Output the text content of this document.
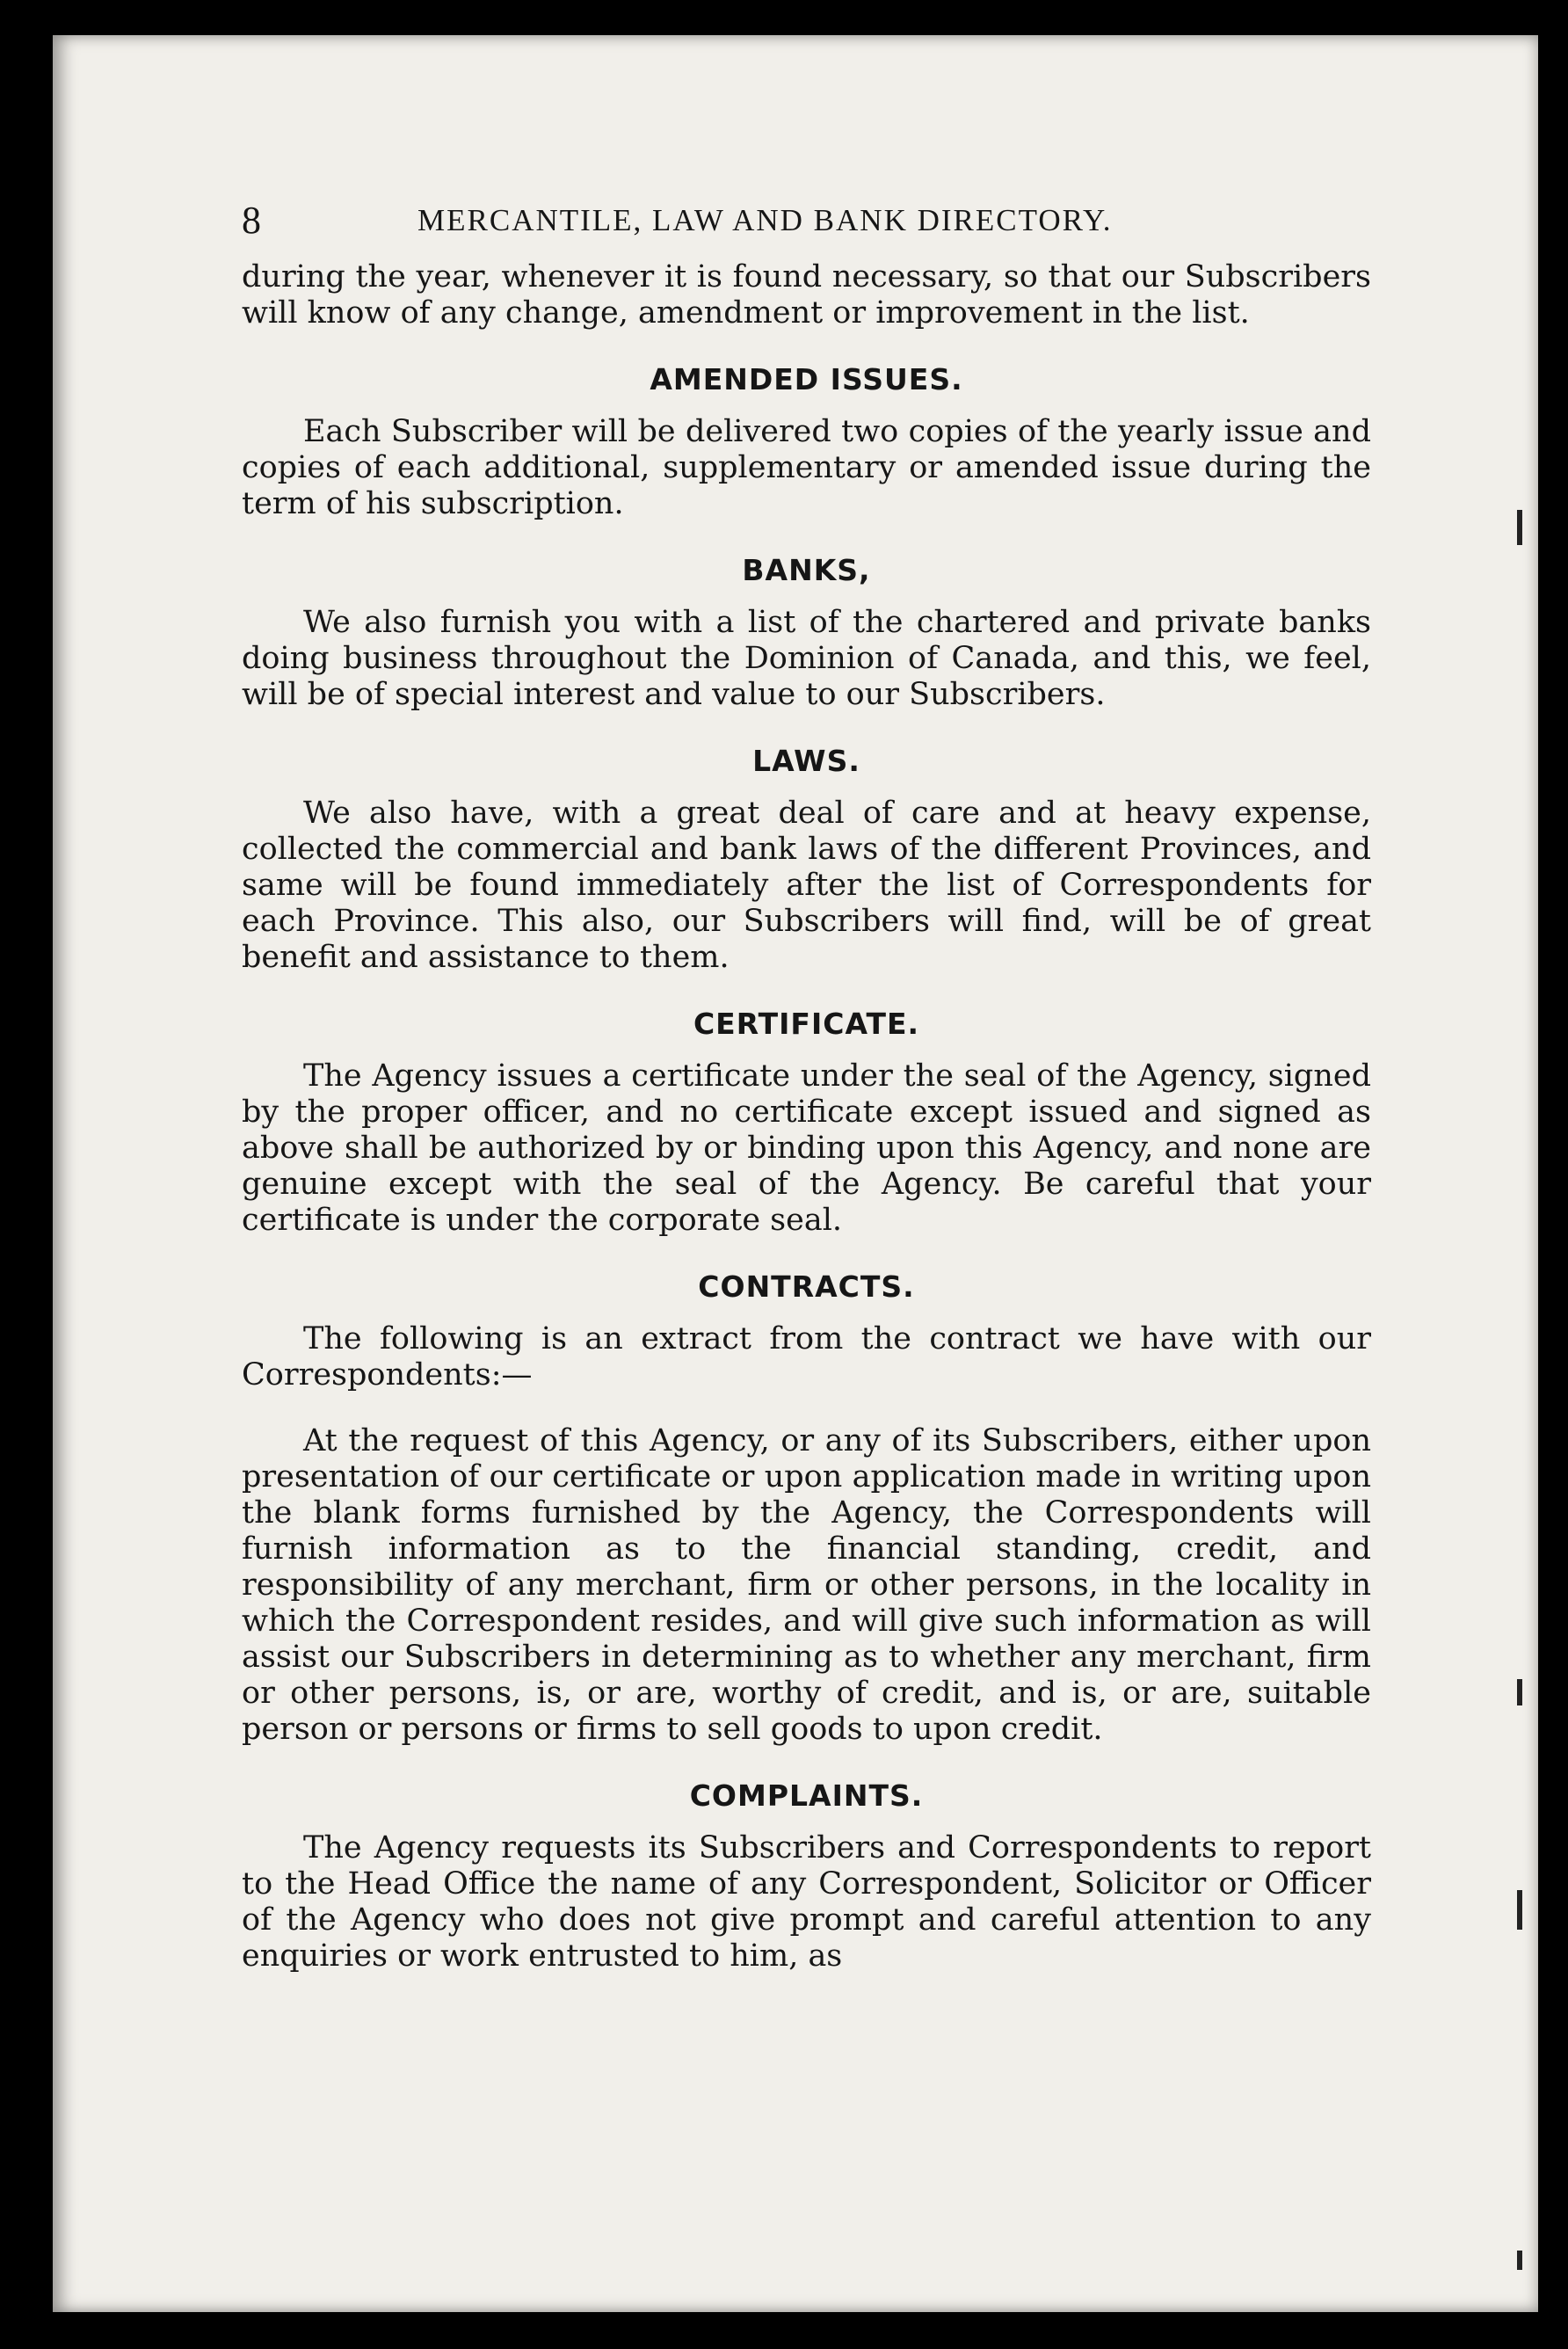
8	MERCANTILE, LAW AND BANK DIRECTORY.

during the year, whenever it is found necessary, so that our Subscribers will know of any change, amendment or improvement in the list.

AMENDED ISSUES.

Each Subscriber will be delivered two copies of the yearly issue and copies of each additional, supplementary or amended issue during the term of his subscription.

BANKS,

We also furnish you with a list of the chartered and private banks doing business throughout the Dominion of Canada, and this, we feel, will be of special interest and value to our Subscribers.

LAWS.

We also have, with a great deal of care and at heavy expense, collected the commercial and bank laws of the different Provinces, and same will be found immediately after the list of Correspondents for each Province. This also, our Subscribers will find, will be of great benefit and assistance to them.

CERTIFICATE.

The Agency issues a certificate under the seal of the Agency, signed by the proper officer, and no certificate except issued and signed as above shall be authorized by or binding upon this Agency, and none are genuine except with the seal of the Agency. Be careful that your certificate is under the corporate seal.

CONTRACTS.

The following is an extract from the contract we have with our Correspondents:—

At the request of this Agency, or any of its Subscribers, either upon presentation of our certificate or upon application made in writing upon the blank forms furnished by the Agency, the Correspondents will furnish information as to the financial standing, credit, and responsibility of any merchant, firm or other persons, in the locality in which the Correspondent resides, and will give such information as will assist our Subscribers in determining as to whether any merchant, firm or other persons, is, or are, worthy of credit, and is, or are, suitable person or persons or firms to sell goods to upon credit.

COMPLAINTS.

The Agency requests its Subscribers and Correspondents to report to the Head Office the name of any Correspondent, Solicitor or Officer of the Agency who does not give prompt and careful attention to any enquiries or work entrusted to him, as
